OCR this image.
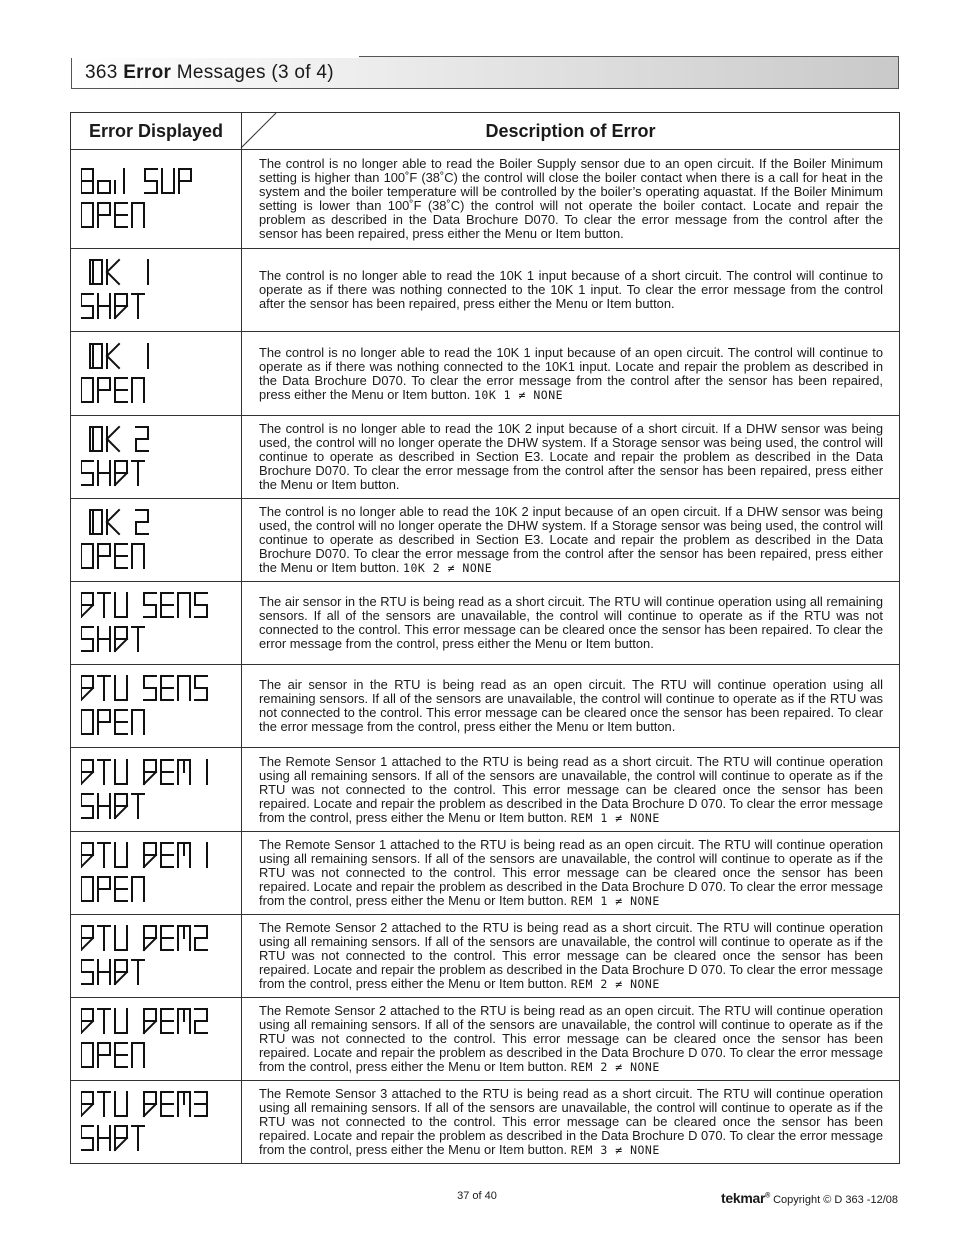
363 Error Messages (3 of 4)
Error Displayed	Description of Error

	The control is no longer able to read the Boiler Supply sensor due to an open circuit. If the Boiler Minimum setting is higher than 100˚F (38˚C) the control will close the boiler contact when there is a call for heat in the system and the boiler temperature will be controlled by the boiler’s operating aquastat. If the Boiler Minimum setting is lower than 100˚F (38˚C) the control will not operate the boiler contact. Locate and repair the problem as described in the Data Brochure D070. To clear the error message from the control after the sensor has been repaired, press either the Menu or Item button.

	The control is no longer able to read the 10K 1 input because of a short circuit. The control will continue to operate as if there was nothing connected to the 10K 1 input. To clear the error message from the control after the sensor has been repaired, press either the Menu or Item button.

	The control is no longer able to read the 10K 1 input because of an open circuit. The control will continue to operate as if there was nothing connected to the 10K1 input. Locate and repair the problem as described in the Data Brochure D070. To clear the error message from the control after the sensor has been repaired, press either the Menu or Item button. 10K 1 ≠ NONE

	The control is no longer able to read the 10K 2 input because of a short circuit. If a DHW sensor was being used, the control will no longer operate the DHW system. If a Storage sensor was being used, the control will continue to operate as described in Section E3. Locate and repair the problem as described in the Data Brochure D070. To clear the error message from the control after the sensor has been repaired, press either the Menu or Item button.

	The control is no longer able to read the 10K 2 input because of an open circuit. If a DHW sensor was being used, the control will no longer operate the DHW system. If a Storage sensor was being used, the control will continue to operate as described in Section E3. Locate and repair the problem as described in the Data Brochure D070. To clear the error message from the control after the sensor has been repaired, press either the Menu or Item button. 10K 2 ≠ NONE

	The air sensor in the RTU is being read as a short circuit. The RTU will continue operation using all remaining sensors. If all of the sensors are unavailable, the control will continue to operate as if the RTU was not connected to the control. This error message can be cleared once the sensor has been repaired. To clear the error message from the control, press either the Menu or Item button.

	The air sensor in the RTU is being read as an open circuit. The RTU will continue operation using all remaining sensors. If all of the sensors are unavailable, the control will continue to operate as if the RTU was not connected to the control. This error message can be cleared once the sensor has been repaired. To clear the error message from the control, press either the Menu or Item button.

	The Remote Sensor 1 attached to the RTU is being read as a short circuit. The RTU will continue operation using all remaining sensors. If all of the sensors are unavailable, the control will continue to operate as if the RTU was not connected to the control. This error message can be cleared once the sensor has been repaired. Locate and repair the problem as described in the Data Brochure D 070. To clear the error message from the control, press either the Menu or Item button. REM 1 ≠ NONE

	The Remote Sensor 1 attached to the RTU is being read as an open circuit. The RTU will continue operation using all remaining sensors. If all of the sensors are unavailable, the control will continue to operate as if the RTU was not connected to the control. This error message can be cleared once the sensor has been repaired. Locate and repair the problem as described in the Data Brochure D 070. To clear the error message from the control, press either the Menu or Item button. REM 1 ≠ NONE

	The Remote Sensor 2 attached to the RTU is being read as a short circuit. The RTU will continue operation using all remaining sensors. If all of the sensors are unavailable, the control will continue to operate as if the RTU was not connected to the control. This error message can be cleared once the sensor has been repaired. Locate and repair the problem as described in the Data Brochure D 070. To clear the error message from the control, press either the Menu or Item button. REM 2 ≠ NONE

	The Remote Sensor 2 attached to the RTU is being read as an open circuit. The RTU will continue operation using all remaining sensors. If all of the sensors are unavailable, the control will continue to operate as if the RTU was not connected to the control. This error message can be cleared once the sensor has been repaired. Locate and repair the problem as described in the Data Brochure D 070. To clear the error message from the control, press either the Menu or Item button. REM 2 ≠ NONE

	The Remote Sensor 3 attached to the RTU is being read as a short circuit. The RTU will continue operation using all remaining sensors. If all of the sensors are unavailable, the control will continue to operate as if the RTU was not connected to the control. This error message can be cleared once the sensor has been repaired. Locate and repair the problem as described in the Data Brochure D 070. To clear the error message from the control, press either the Menu or Item button. REM 3 ≠ NONE
37 of 40	tekmar® Copyright © D 363 -12/08
